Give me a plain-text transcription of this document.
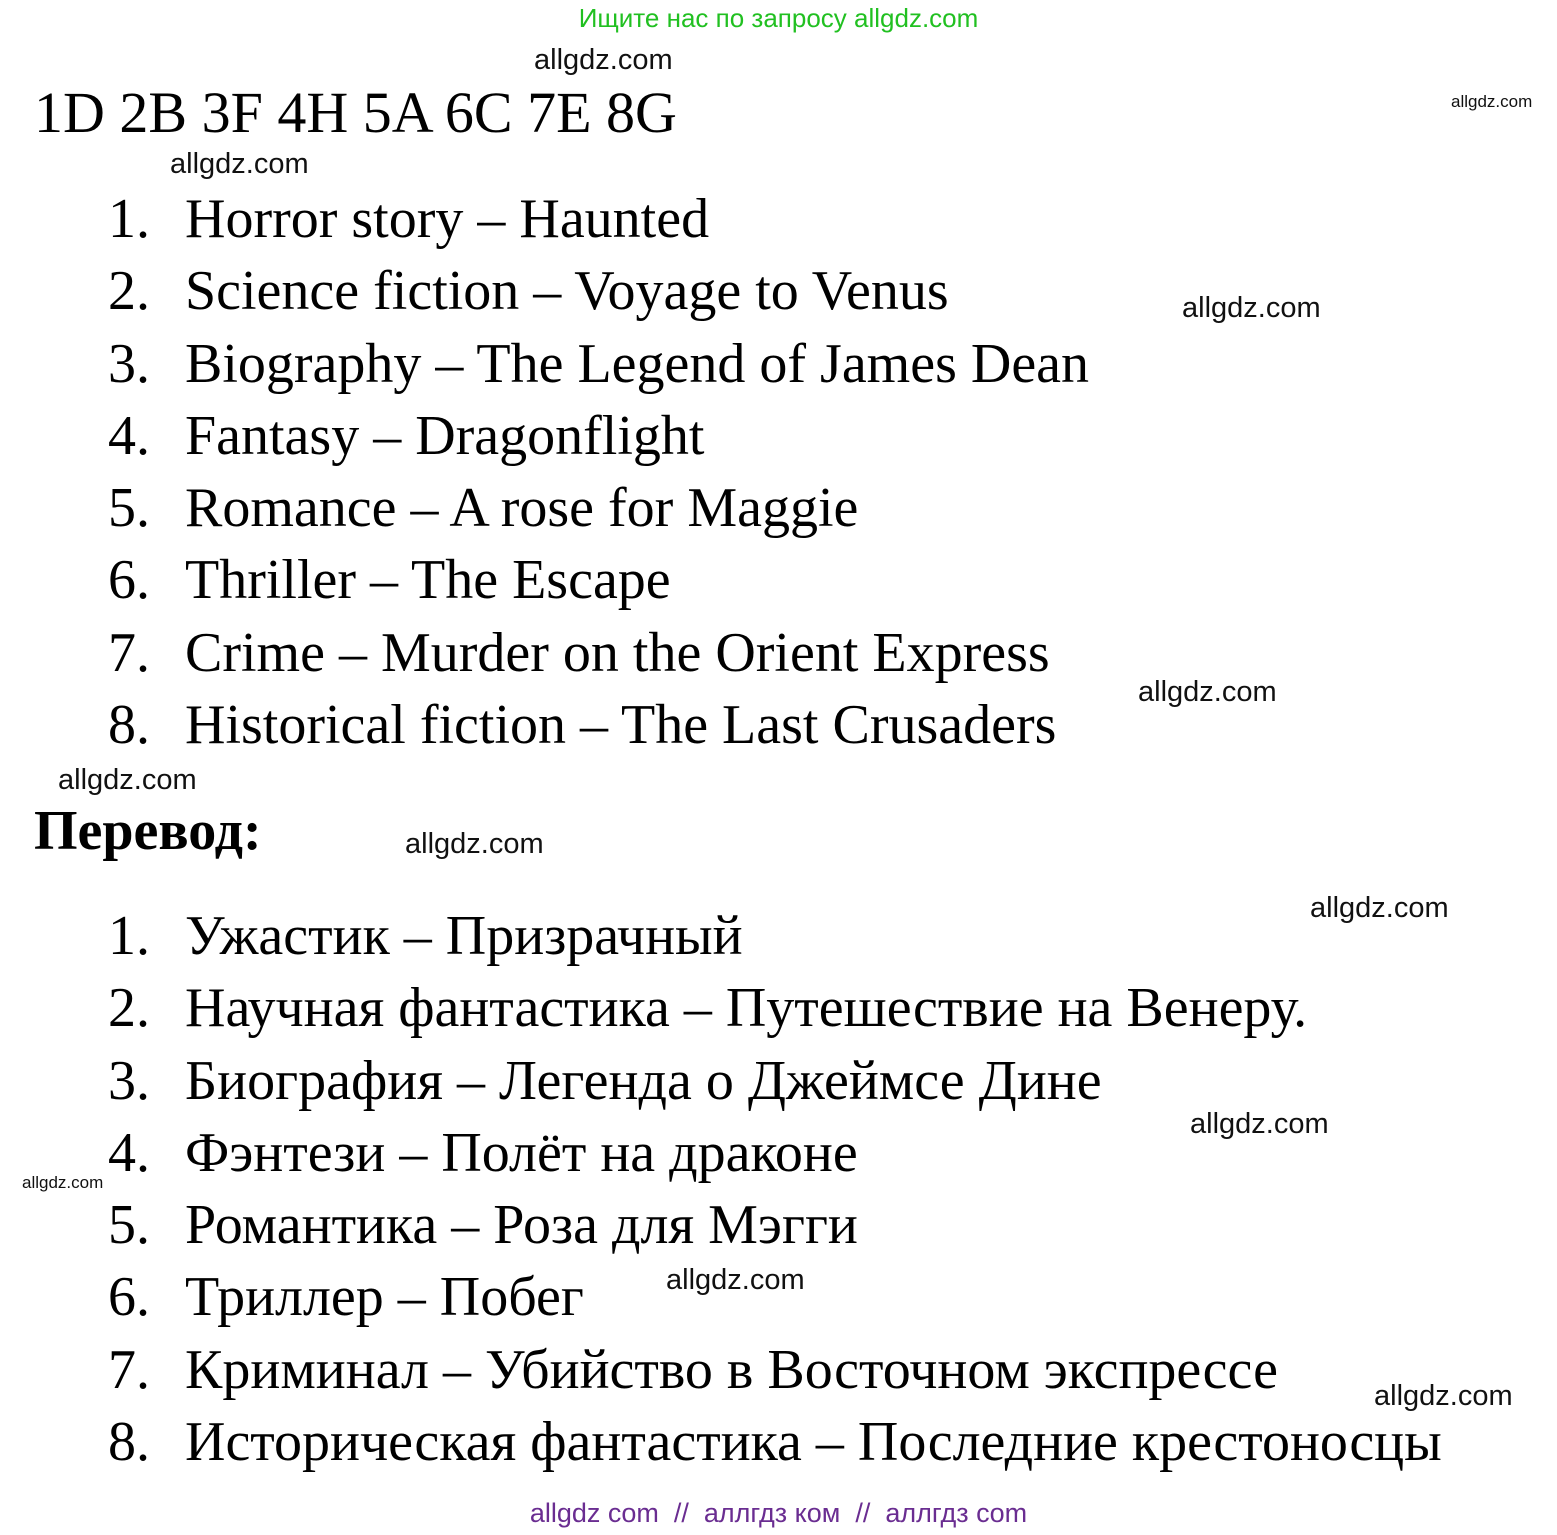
Ищите нас по запросу allgdz.com
1D 2B 3F 4H 5A 6C 7E 8G
1. Horror story – Haunted
2. Science fiction – Voyage to Venus
3. Biography – The Legend of James Dean
4. Fantasy – Dragonflight
5. Romance – A rose for Maggie
6. Thriller – The Escape
7. Crime – Murder on the Orient Express
8. Historical fiction – The Last Crusaders
Перевод:
1. Ужастик – Призрачный
2. Научная фантастика – Путешествие на Венеру.
3. Биография – Легенда о Джеймсе Дине
4. Фэнтези – Полёт на драконе
5. Романтика – Роза для Мэгги
6. Триллер – Побег
7. Криминал – Убийство в Восточном экспрессе
8. Историческая фантастика – Последние крестоносцы
allgdz.com
allgdz.com
allgdz.com
allgdz.com
allgdz.com
allgdz.com
allgdz.com
allgdz.com
allgdz.com
allgdz.com
allgdz.com
allgdz.com
allgdz com  //  аллгдз ком  //  аллгдз com
